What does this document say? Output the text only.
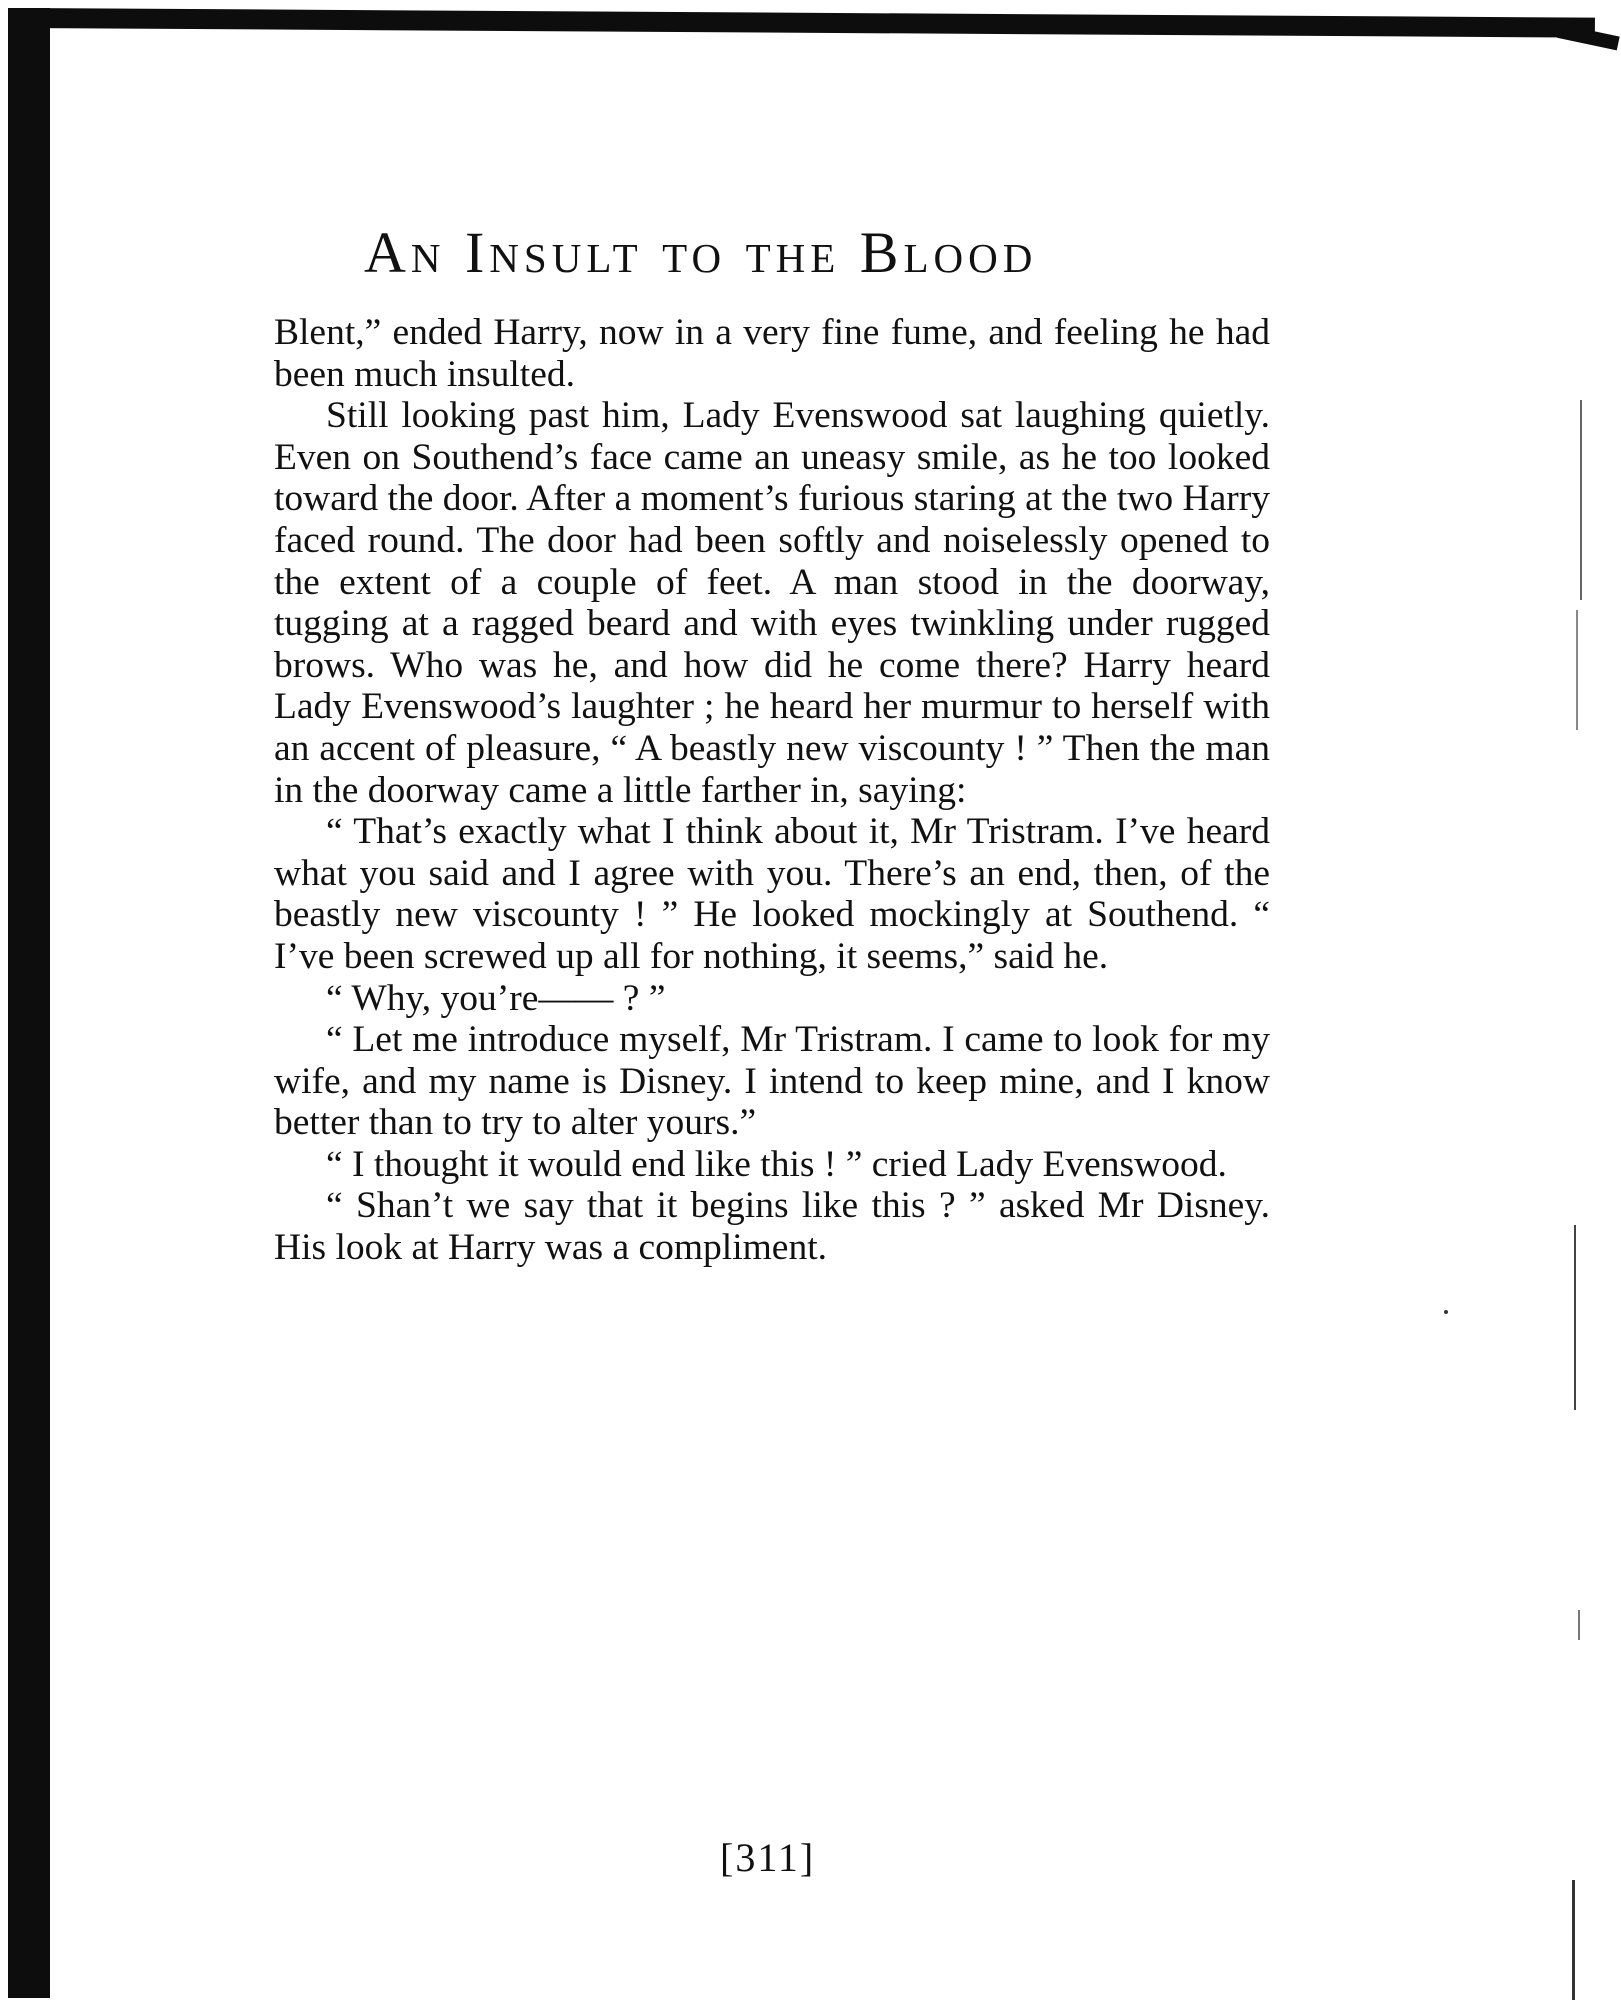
An Insult to the Blood

Blent,” ended Harry, now in a very fine fume, and feeling he had been much insulted.

Still looking past him, Lady Evenswood sat laughing quietly. Even on Southend’s face came an uneasy smile, as he too looked toward the door. After a moment’s furious staring at the two Harry faced round. The door had been softly and noiselessly opened to the extent of a couple of feet. A man stood in the doorway, tugging at a ragged beard and with eyes twinkling under rugged brows. Who was he, and how did he come there? Harry heard Lady Evenswood’s laughter ; he heard her murmur to herself with an accent of pleasure, “ A beastly new viscounty ! ” Then the man in the doorway came a little farther in, saying:

“ That’s exactly what I think about it, Mr Tristram. I’ve heard what you said and I agree with you. There’s an end, then, of the beastly new viscounty ! ” He looked mockingly at Southend. “ I’ve been screwed up all for nothing, it seems,” said he.

“ Why, you’re—— ? ”

“ Let me introduce myself, Mr Tristram. I came to look for my wife, and my name is Disney. I intend to keep mine, and I know better than to try to alter yours.”

“ I thought it would end like this ! ” cried Lady Evenswood.

“ Shan’t we say that it begins like this ? ” asked Mr Disney. His look at Harry was a compliment.

[311]
